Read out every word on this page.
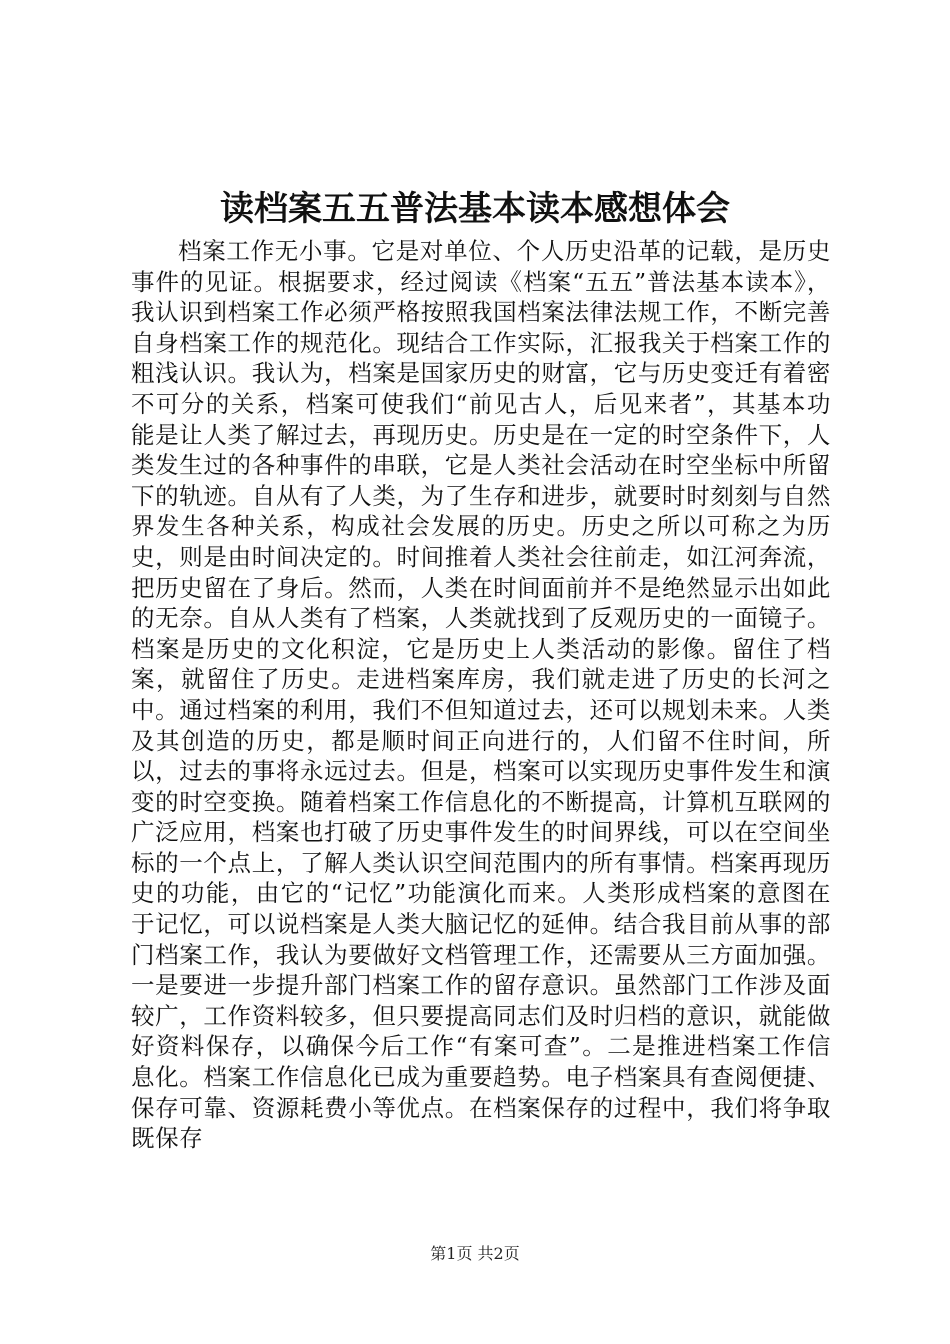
读档案五五普法基本读本感想体会

档案工作无小事。它是对单位、个人历史沿革的记载，是历史事件的见证。根据要求，经过阅读《档案“五五”普法基本读本》，我认识到档案工作必须严格按照我国档案法律法规工作，不断完善自身档案工作的规范化。现结合工作实际，汇报我关于档案工作的粗浅认识。我认为，档案是国家历史的财富，它与历史变迁有着密不可分的关系，档案可使我们“前见古人，后见来者”，其基本功能是让人类了解过去，再现历史。历史是在一定的时空条件下，人类发生过的各种事件的串联，它是人类社会活动在时空坐标中所留下的轨迹。自从有了人类，为了生存和进步，就要时时刻刻与自然界发生各种关系，构成社会发展的历史。历史之所以可称之为历史，则是由时间决定的。时间推着人类社会往前走，如江河奔流，把历史留在了身后。然而，人类在时间面前并不是绝然显示出如此的无奈。自从人类有了档案，人类就找到了反观历史的一面镜子。档案是历史的文化积淀，它是历史上人类活动的影像。留住了档案，就留住了历史。走进档案库房，我们就走进了历史的长河之中。通过档案的利用，我们不但知道过去，还可以规划未来。人类及其创造的历史，都是顺时间正向进行的，人们留不住时间，所以，过去的事将永远过去。但是，档案可以实现历史事件发生和演变的时空变换。随着档案工作信息化的不断提高，计算机互联网的广泛应用，档案也打破了历史事件发生的时间界线，可以在空间坐标的一个点上，了解人类认识空间范围内的所有事情。档案再现历史的功能，由它的“记忆”功能演化而来。人类形成档案的意图在于记忆，可以说档案是人类大脑记忆的延伸。结合我目前从事的部门档案工作，我认为要做好文档管理工作，还需要从三方面加强。一是要进一步提升部门档案工作的留存意识。虽然部门工作涉及面较广，工作资料较多，但只要提高同志们及时归档的意识，就能做好资料保存，以确保今后工作“有案可查”。二是推进档案工作信息化。档案工作信息化已成为重要趋势。电子档案具有查阅便捷、保存可靠、资源耗费小等优点。在档案保存的过程中，我们将争取既保存

第1页 共2页
